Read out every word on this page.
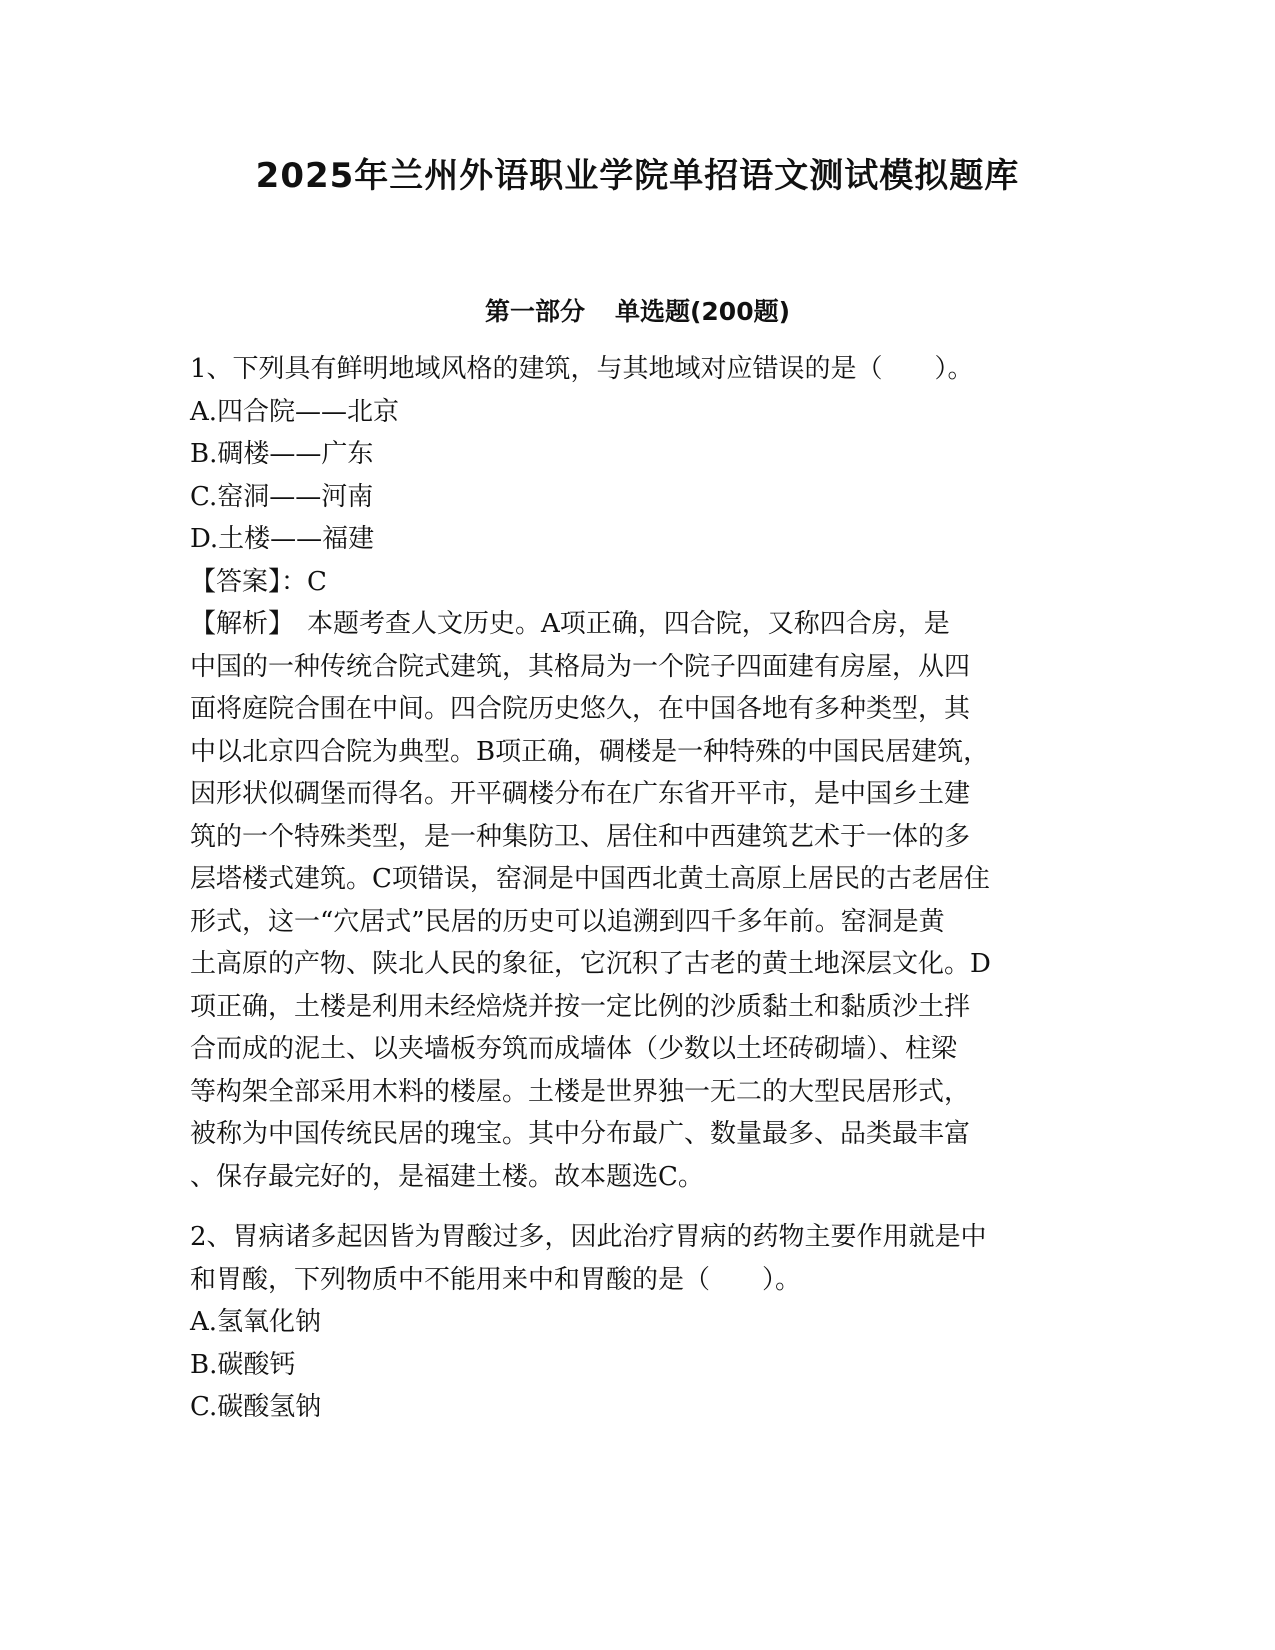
2025年兰州外语职业学院单招语文测试模拟题库
第一部分 单选题(200题)

1、下列具有鲜明地域风格的建筑，与其地域对应错误的是（　　）。

A.四合院——北京

B.碉楼——广东

C.窑洞——河南

D.土楼——福建

【答案】：C

【解析】　本题考查人文历史。A项正确，四合院，又称四合房，是

中国的一种传统合院式建筑，其格局为一个院子四面建有房屋，从四

面将庭院合围在中间。四合院历史悠久，在中国各地有多种类型，其

中以北京四合院为典型。B项正确，碉楼是一种特殊的中国民居建筑，

因形状似碉堡而得名。开平碉楼分布在广东省开平市，是中国乡土建

筑的一个特殊类型，是一种集防卫、居住和中西建筑艺术于一体的多

层塔楼式建筑。C项错误，窑洞是中国西北黄土高原上居民的古老居住

形式，这一“穴居式”民居的历史可以追溯到四千多年前。窑洞是黄

土高原的产物、陕北人民的象征，它沉积了古老的黄土地深层文化。D

项正确，土楼是利用未经焙烧并按一定比例的沙质黏土和黏质沙土拌

合而成的泥土、以夹墙板夯筑而成墙体（少数以土坯砖砌墙）、柱梁

等构架全部采用木料的楼屋。土楼是世界独一无二的大型民居形式，

被称为中国传统民居的瑰宝。其中分布最广、数量最多、品类最丰富

、保存最完好的，是福建土楼。故本题选C。

2、胃病诸多起因皆为胃酸过多，因此治疗胃病的药物主要作用就是中

和胃酸，下列物质中不能用来中和胃酸的是（　　）。

A.氢氧化钠

B.碳酸钙

C.碳酸氢钠
